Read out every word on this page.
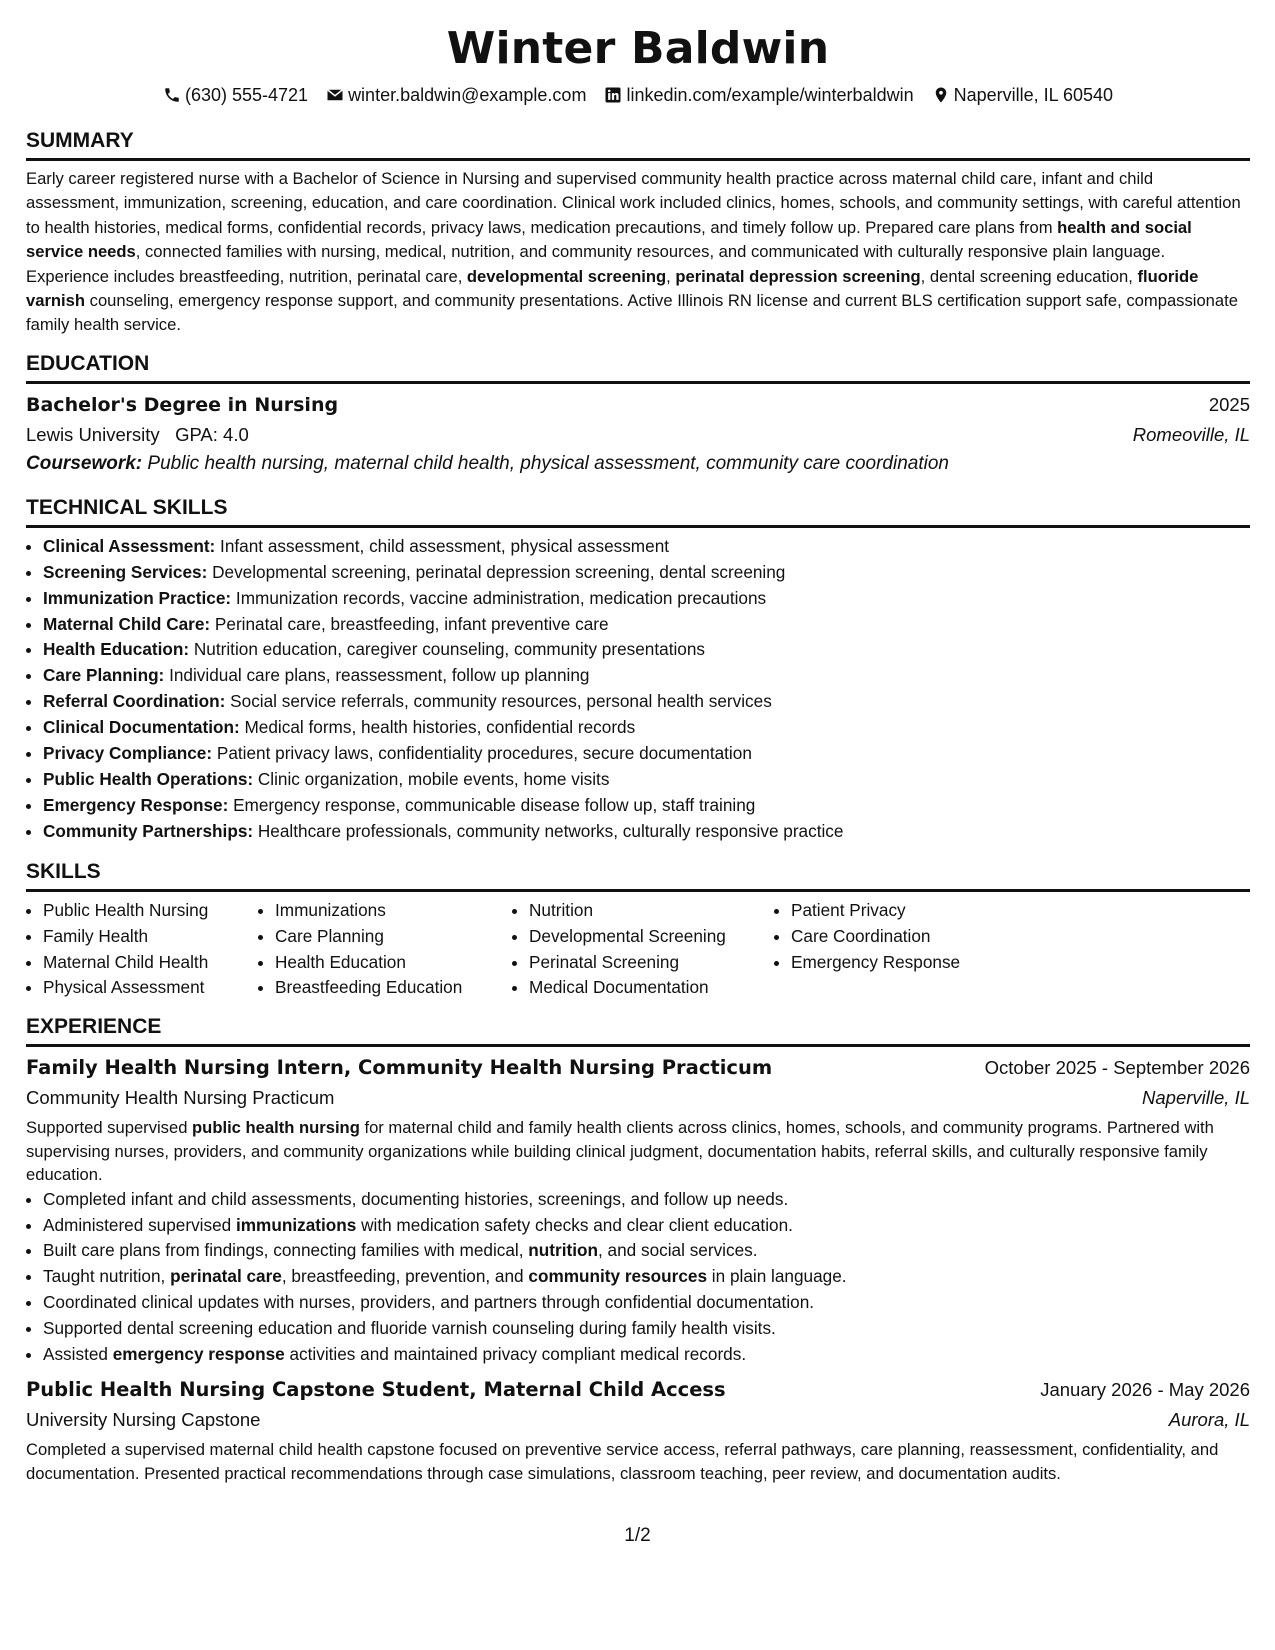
Winter Baldwin
(630) 555-4721 winter.baldwin@example.com linkedin.com/example/winterbaldwin Naperville, IL 60540
SUMMARY

Early career registered nurse with a Bachelor of Science in Nursing and supervised community health practice across maternal child care, infant and child assessment, immunization, screening, education, and care coordination. Clinical work included clinics, homes, schools, and community settings, with careful attention to health histories, medical forms, confidential records, privacy laws, medication precautions, and timely follow up. Prepared care plans from health and social service needs, connected families with nursing, medical, nutrition, and community resources, and communicated with culturally responsive plain language. Experience includes breastfeeding, nutrition, perinatal care, developmental screening, perinatal depression screening, dental screening education, fluoride varnish counseling, emergency response support, and community presentations. Active Illinois RN license and current BLS certification support safe, compassionate family health service.

EDUCATION
Bachelor's Degree in Nursing	2025
Lewis University GPA: 4.0	Romeoville, IL
Coursework: Public health nursing, maternal child health, physical assessment, community care coordination
TECHNICAL SKILLS
• Clinical Assessment: Infant assessment, child assessment, physical assessment
• Screening Services: Developmental screening, perinatal depression screening, dental screening
• Immunization Practice: Immunization records, vaccine administration, medication precautions
• Maternal Child Care: Perinatal care, breastfeeding, infant preventive care
• Health Education: Nutrition education, caregiver counseling, community presentations
• Care Planning: Individual care plans, reassessment, follow up planning
• Referral Coordination: Social service referrals, community resources, personal health services
• Clinical Documentation: Medical forms, health histories, confidential records
• Privacy Compliance: Patient privacy laws, confidentiality procedures, secure documentation
• Public Health Operations: Clinic organization, mobile events, home visits
• Emergency Response: Emergency response, communicable disease follow up, staff training
• Community Partnerships: Healthcare professionals, community networks, culturally responsive practice
SKILLS
• Public Health Nursing
• Family Health
• Maternal Child Health
• Physical Assessment
• Immunizations
• Care Planning
• Health Education
• Breastfeeding Education
• Nutrition
• Developmental Screening
• Perinatal Screening
• Medical Documentation
• Patient Privacy
• Care Coordination
• Emergency Response
EXPERIENCE
Family Health Nursing Intern, Community Health Nursing Practicum	October 2025 - September 2026
Community Health Nursing Practicum	Naperville, IL

Supported supervised public health nursing for maternal child and family health clients across clinics, homes, schools, and community programs. Partnered with supervising nurses, providers, and community organizations while building clinical judgment, documentation habits, referral skills, and culturally responsive family education.

• Completed infant and child assessments, documenting histories, screenings, and follow up needs.
• Administered supervised immunizations with medication safety checks and clear client education.
• Built care plans from findings, connecting families with medical, nutrition, and social services.
• Taught nutrition, perinatal care, breastfeeding, prevention, and community resources in plain language.
• Coordinated clinical updates with nurses, providers, and partners through confidential documentation.
• Supported dental screening education and fluoride varnish counseling during family health visits.
• Assisted emergency response activities and maintained privacy compliant medical records.
Public Health Nursing Capstone Student, Maternal Child Access	January 2026 - May 2026
University Nursing Capstone	Aurora, IL

Completed a supervised maternal child health capstone focused on preventive service access, referral pathways, care planning, reassessment, confidentiality, and documentation. Presented practical recommendations through case simulations, classroom teaching, peer review, and documentation audits.

1/2
